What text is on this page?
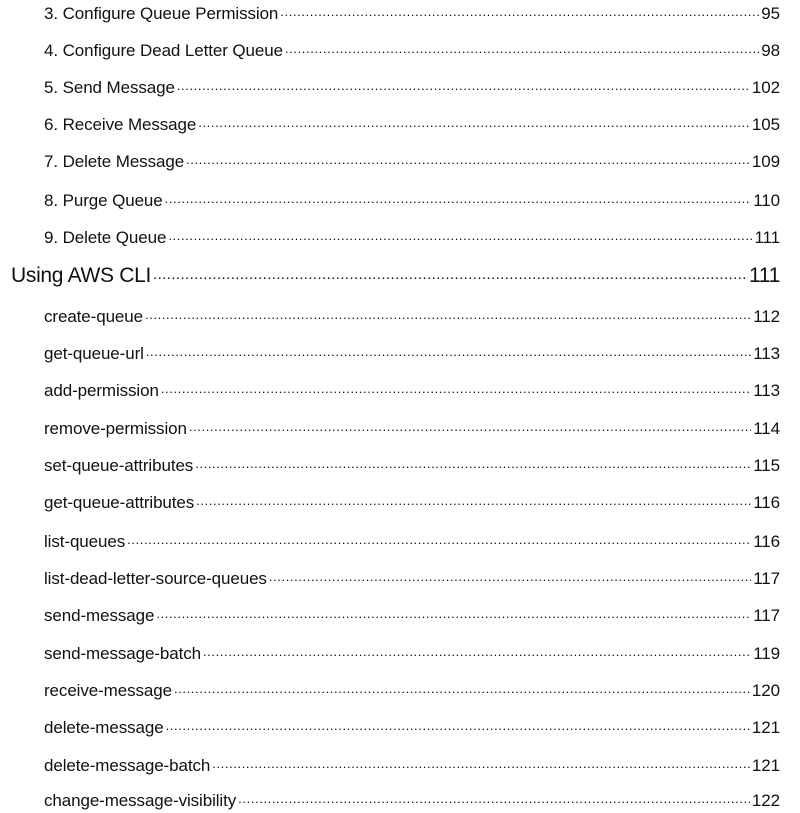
3. Configure Queue Permission .....	95
4. Configure Dead Letter Queue .....	98
5. Send Message .....	102
6. Receive Message .....	105
7. Delete Message .....	109
8. Purge Queue .....	110
9. Delete Queue .....	111
Using AWS CLI .....	111
create-queue .....	112
get-queue-url .....	113
add-permission .....	113
remove-permission .....	114
set-queue-attributes .....	115
get-queue-attributes .....	116
list-queues .....	116
list-dead-letter-source-queues .....	117
send-message .....	117
send-message-batch .....	119
receive-message .....	120
delete-message .....	121
delete-message-batch .....	121
change-message-visibility .....	122
